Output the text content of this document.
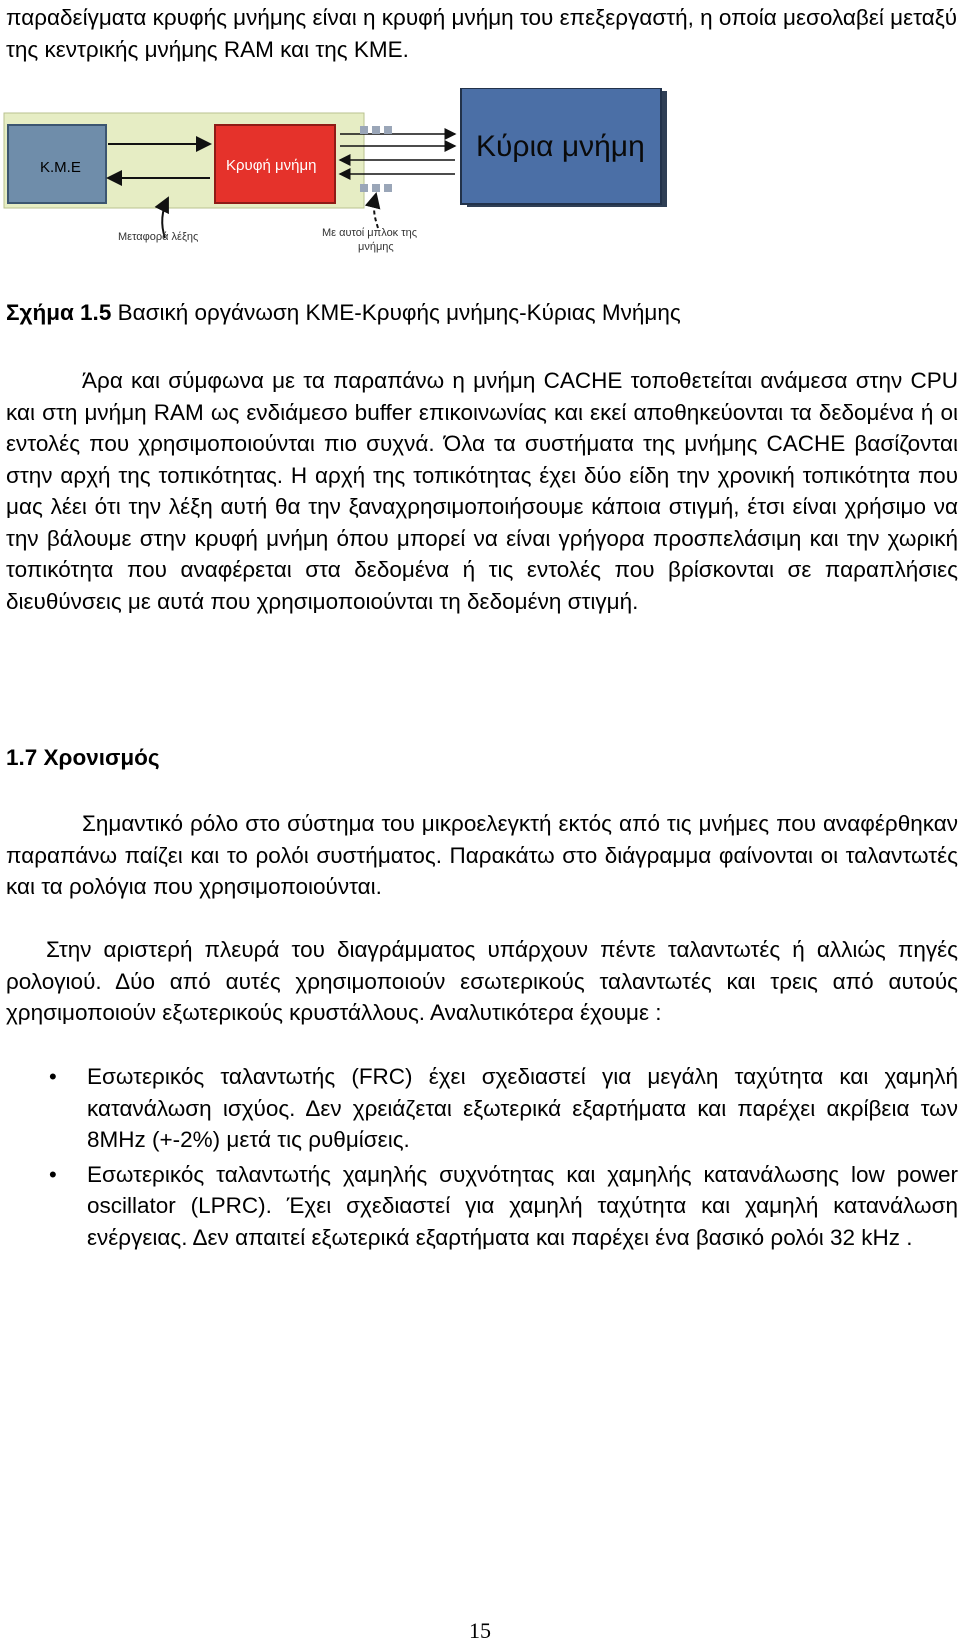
παραδείγματα κρυφής μνήμης είναι η κρυφή μνήμη του επεξεργαστή, η οποία μεσολαβεί μεταξύ της κεντρικής μνήμης RAM και της ΚΜΕ.

K.M.E	Κρυφή μνήμη
Κύρια μνήμη
Μεταφορά λέξης	Με αυτοί μπλοκ της
μνήμης

Σχήμα 1.5 Βασική οργάνωση ΚΜΕ-Κρυφής μνήμης-Κύριας Μνήμης

Άρα και σύμφωνα με τα παραπάνω η μνήμη CACHE τοποθετείται ανάμεσα στην CPU και στη μνήμη RAM ως ενδιάμεσο buffer επικοινωνίας και εκεί αποθηκεύονται τα δεδομένα ή οι εντολές που χρησιμοποιούνται πιο συχνά. Όλα τα συστήματα της μνήμης CACHE βασίζονται στην αρχή της τοπικότητας. Η αρχή της τοπικότητας έχει δύο είδη την χρονική τοπικότητα που μας λέει ότι την λέξη αυτή θα την ξαναχρησιμοποιήσουμε κάποια στιγμή, έτσι είναι χρήσιμο να την βάλουμε στην κρυφή μνήμη όπου μπορεί να είναι γρήγορα προσπελάσιμη και την χωρική τοπικότητα που αναφέρεται στα δεδομένα ή τις εντολές που βρίσκονται σε παραπλήσιες διευθύνσεις με αυτά που χρησιμοποιούνται τη δεδομένη στιγμή.

1.7 Χρονισμός

Σημαντικό ρόλο στο σύστημα του μικροελεγκτή εκτός από τις μνήμες που αναφέρθηκαν παραπάνω παίζει και το ρολόι συστήματος. Παρακάτω στο διάγραμμα φαίνονται οι ταλαντωτές και τα ρολόγια που χρησιμοποιούνται.

Στην αριστερή πλευρά του διαγράμματος υπάρχουν πέντε ταλαντωτές ή αλλιώς πηγές ρολογιού. Δύο από αυτές χρησιμοποιούν εσωτερικούς ταλαντωτές και τρεις από αυτούς χρησιμοποιούν εξωτερικούς κρυστάλλους. Αναλυτικότερα έχουμε :

• Εσωτερικός ταλαντωτής (FRC) έχει σχεδιαστεί για μεγάλη ταχύτητα και χαμηλή κατανάλωση ισχύος. Δεν χρειάζεται εξωτερικά εξαρτήματα και παρέχει ακρίβεια των 8MHz (+-2%) μετά τις ρυθμίσεις.
• Εσωτερικός ταλαντωτής χαμηλής συχνότητας και χαμηλής κατανάλωσης low power oscillator (LPRC). Έχει σχεδιαστεί για χαμηλή ταχύτητα και χαμηλή κατανάλωση ενέργειας. Δεν απαιτεί εξωτερικά εξαρτήματα και παρέχει ένα βασικό ρολόι 32 kHz .
15
